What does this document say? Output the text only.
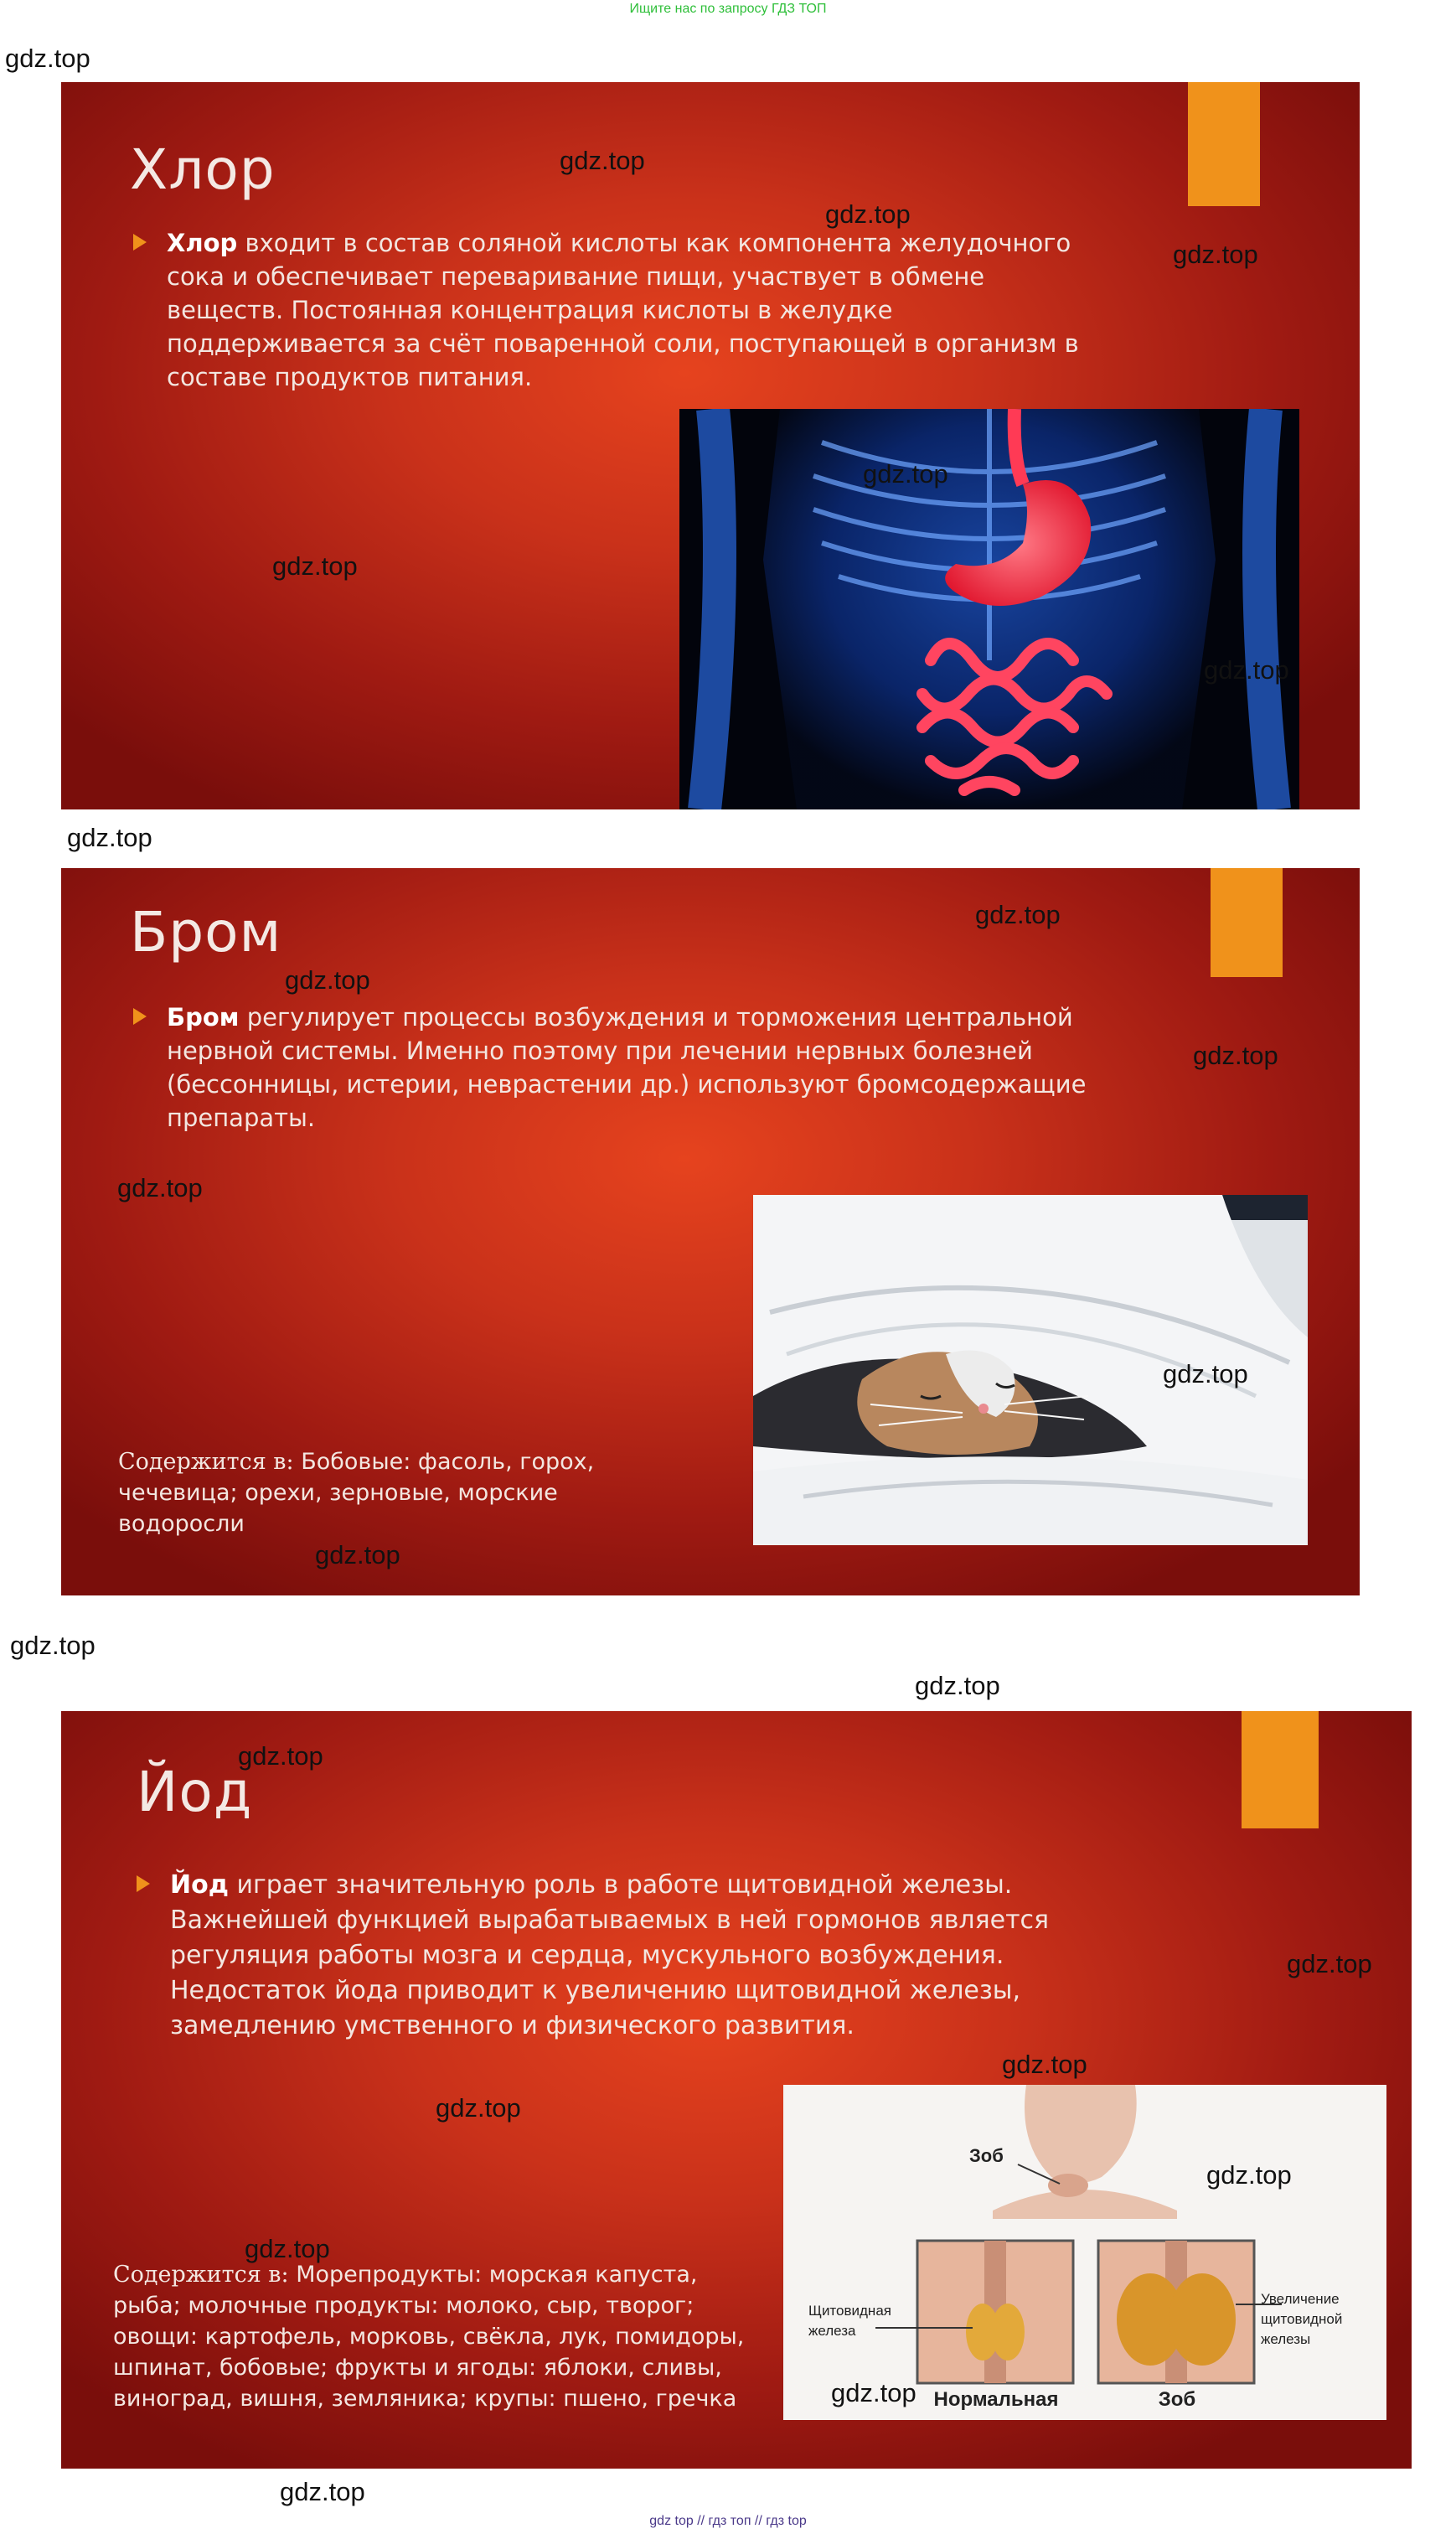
Ищите нас по запросу ГДЗ ТОП
Хлор
Хлор входит в состав соляной кислоты как компонента желудочного сока и обеспечивает переваривание пищи, участвует в обмене веществ. Постоянная концентрация кислоты в желудке поддерживается за счёт поваренной соли, поступающей в организм в составе продуктов питания.
Бром
Бром регулирует процессы возбуждения и торможения центральной нервной системы. Именно поэтому при лечении нервных болезней (бессонницы, истерии, неврастении др.) используют бромсодержащие препараты.
Содержится в: Бобовые: фасоль, горох, чечевица; орехи, зерновые, морские водоросли
Йод
Йод играет значительную роль в работе щитовидной железы. Важнейшей функцией вырабатываемых в ней гормонов является регуляция работы мозга и сердца, мускульного возбуждения. Недостаток йода приводит к увеличению щитовидной железы, замедлению умственного и физического развития.
Содержится в: Морепродукты: морская капуста, рыба; молочные продукты: молоко, сыр, творог; овощи: картофель, морковь, свёкла, лук, помидоры, шпинат, бобовые; фрукты и ягоды: яблоки, сливы, виноград, вишня, земляника; крупы: пшено, гречка
Зоб
Щитовидная железа
Увеличение щитовидной железы
Нормальная	Зоб
gdz.top
gdz.top
gdz.top
gdz.top
gdz.top
gdz.top
gdz.top
gdz.top
gdz.top
gdz.top
gdz.top
gdz.top
gdz.top
gdz.top
gdz.top
gdz.top
gdz.top
gdz.top
gdz.top
gdz.top
gdz.top
gdz.top
gdz.top
gdz.top
gdz top // гдз топ // гдз top
